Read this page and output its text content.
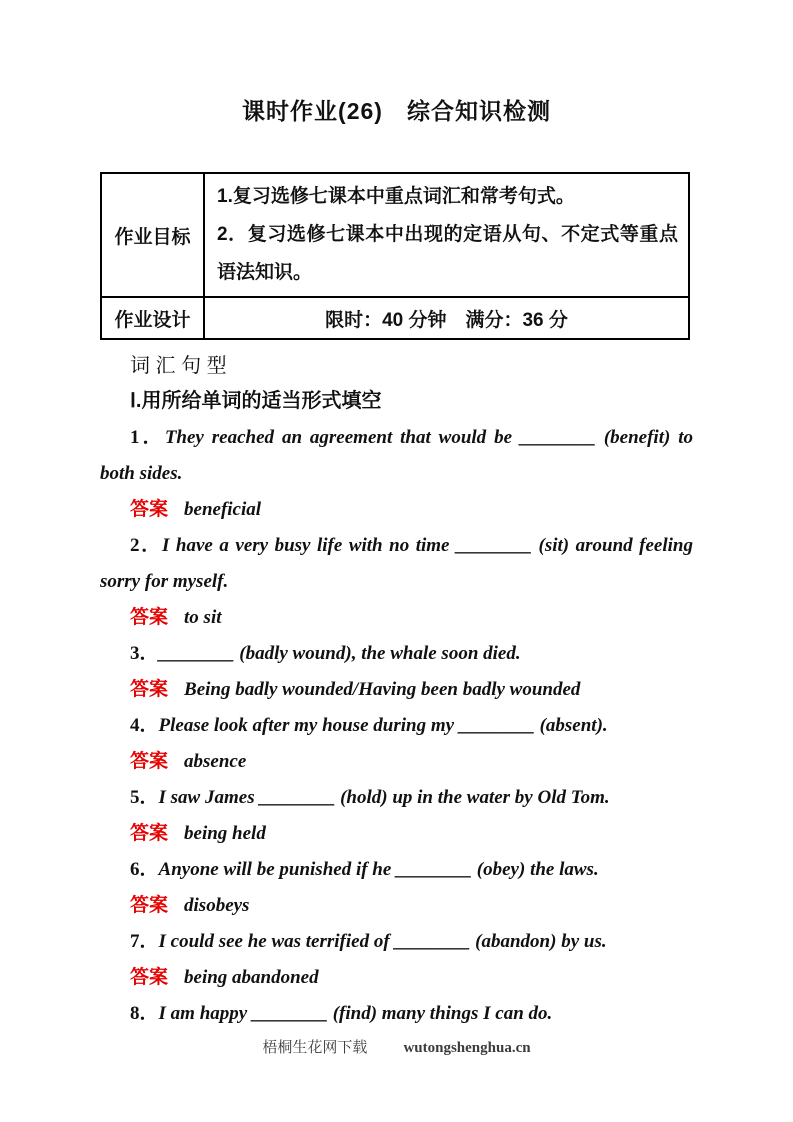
课时作业(26)　综合知识检测
作业目标	1.复习选修七课本中重点词汇和常考句式。
2．复习选修七课本中出现的定语从句、不定式等重点语法知识。

作业设计	限时：40 分钟　满分：36 分
词 汇 句 型
Ⅰ.用所给单词的适当形式填空

1．They reached an agreement that would be ________ (benefit) to both sides.

答案 beneficial

2．I have a very busy life with no time ________ (sit) around feeling sorry for myself.

答案 to sit

3．________ (badly wound), the whale soon died.

答案 Being badly wounded/Having been badly wounded

4．Please look after my house during my ________ (absent).

答案 absence

5．I saw James ________ (hold) up in the water by Old Tom.

答案 being held

6．Anyone will be punished if he ________ (obey) the laws.

答案 disobeys

7．I could see he was terrified of ________ (abandon) by us.

答案 being abandoned

8．I am happy ________ (find) many things I can do.

梧桐生花网下载 wutongshenghua.cn
